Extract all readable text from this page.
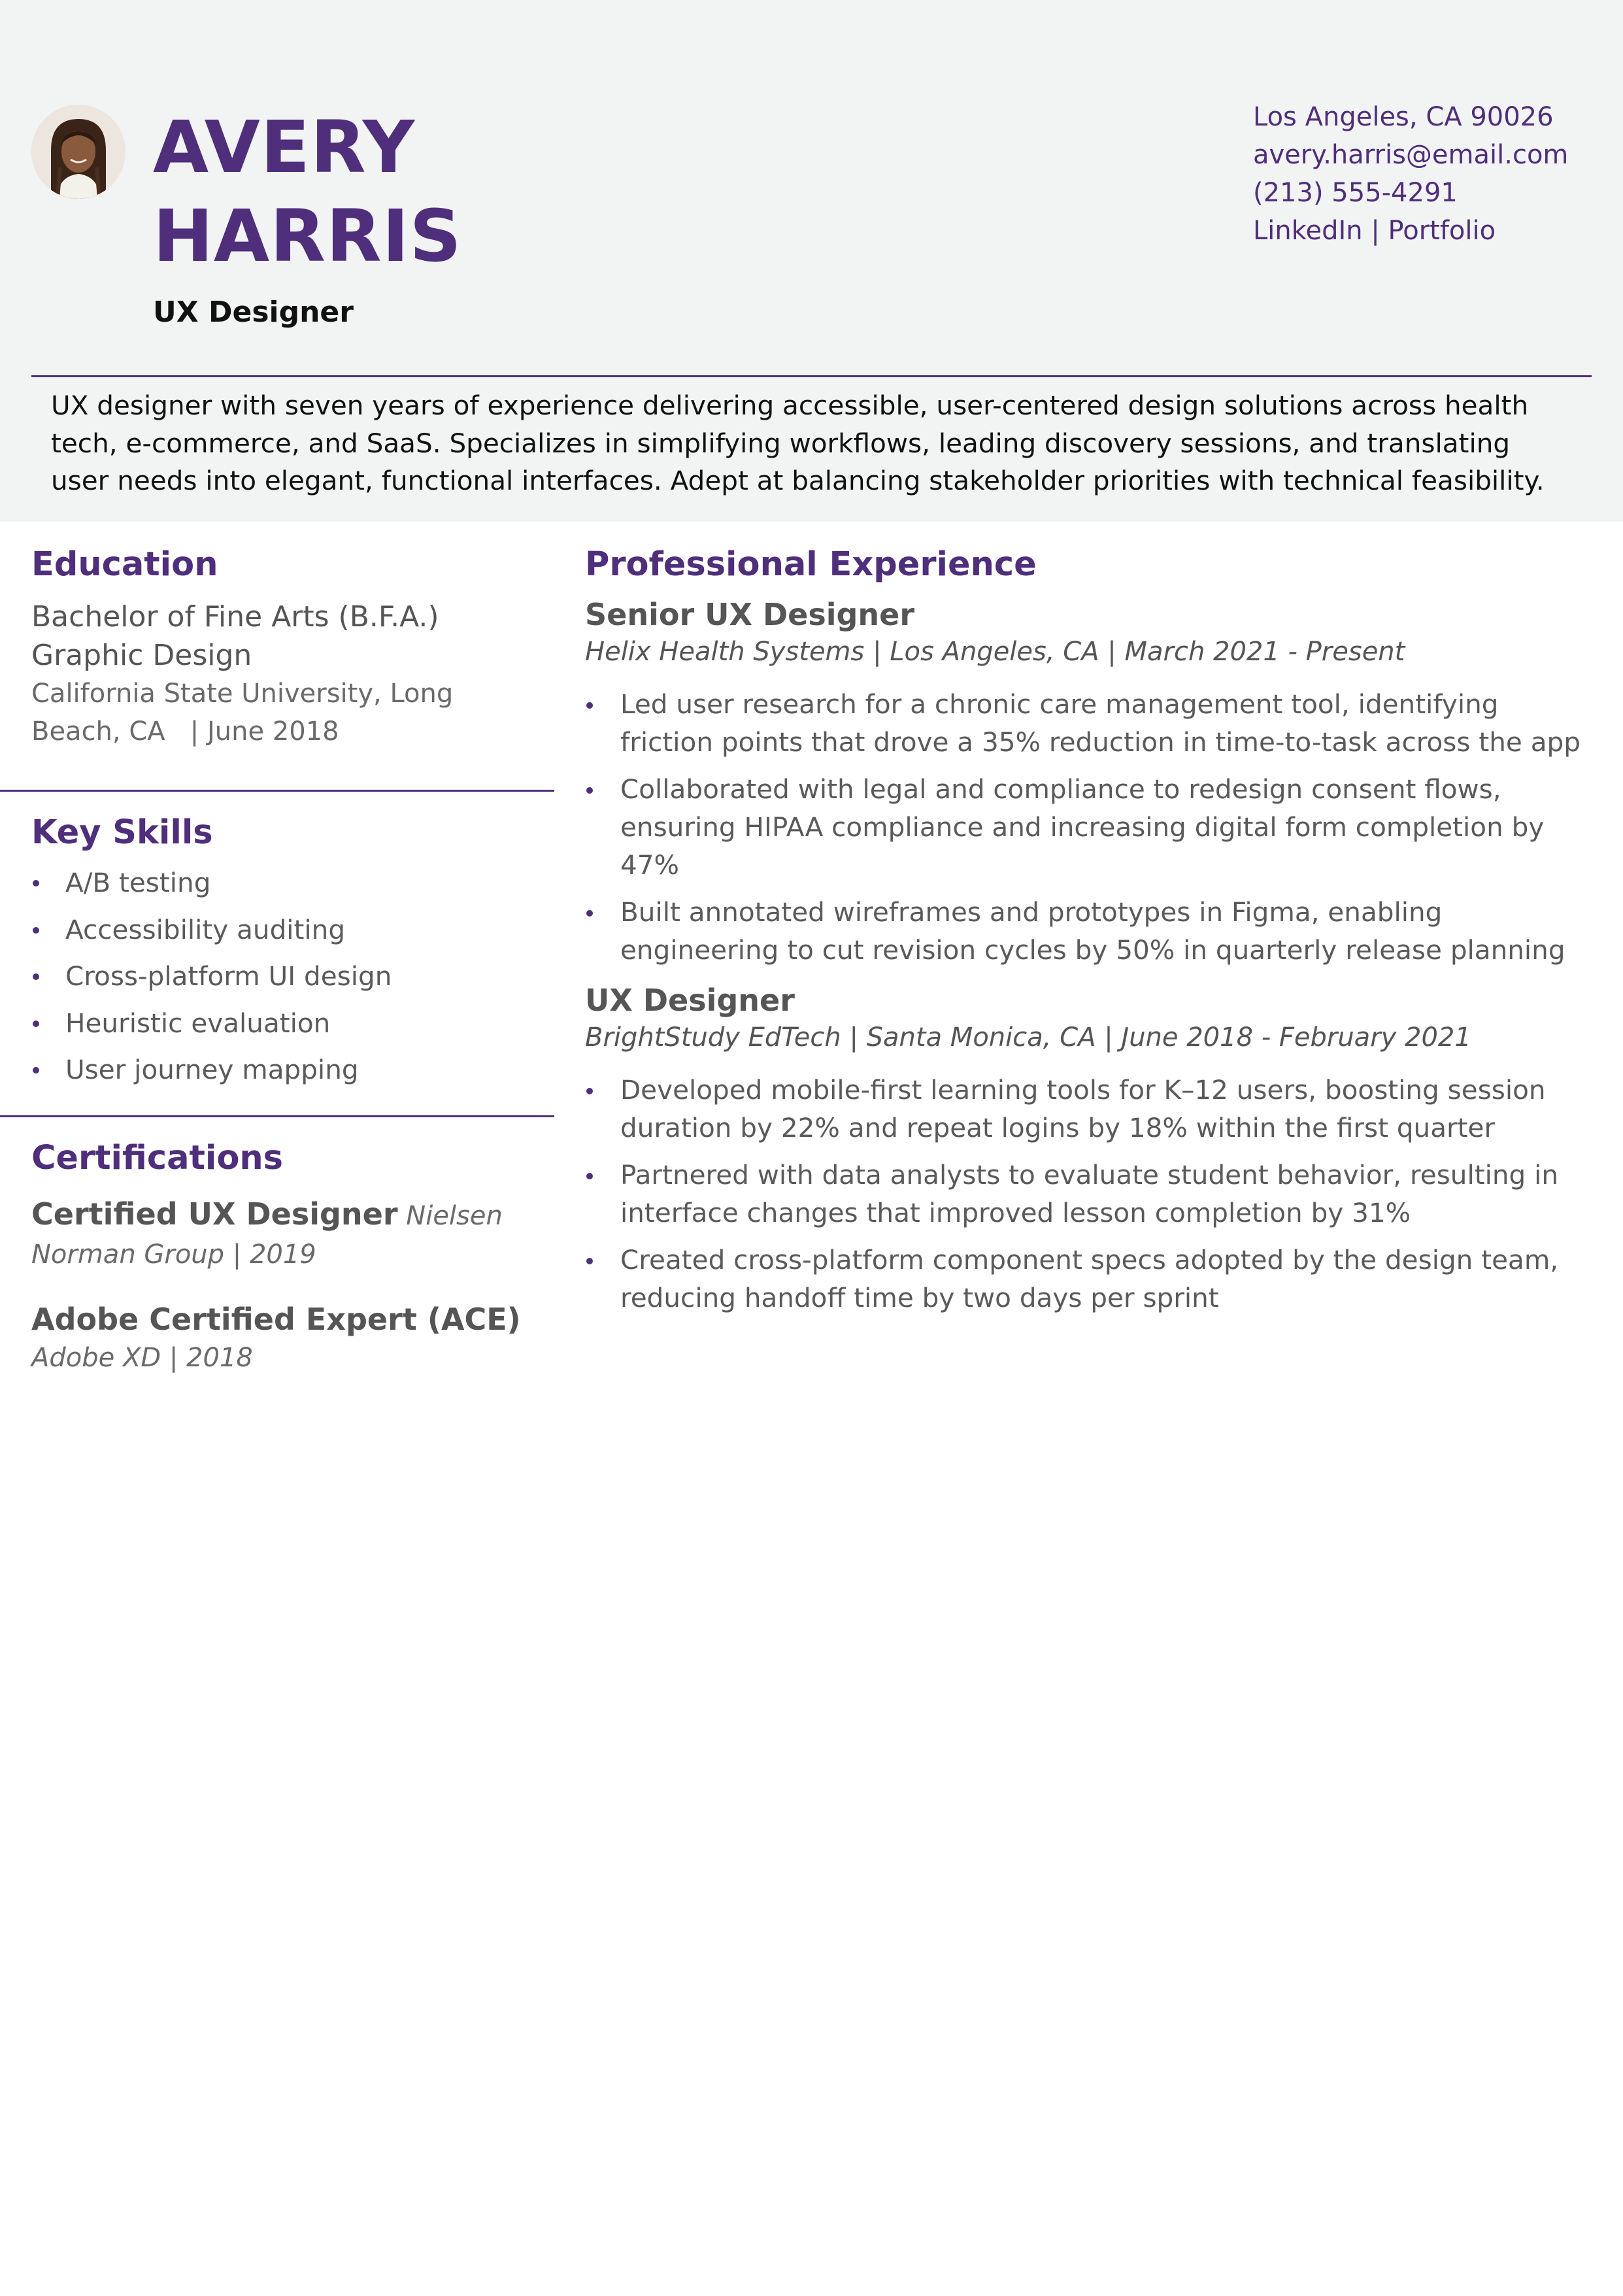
AVERY
HARRIS
UX Designer
Los Angeles, CA 90026
avery.harris@email.com
(213) 555-4291
LinkedIn | Portfolio

UX designer with seven years of experience delivering accessible, user-centered design solutions across health tech, e-commerce, and SaaS. Specializes in simplifying workflows, leading discovery sessions, and translating user needs into elegant, functional interfaces. Adept at balancing stakeholder priorities with technical feasibility.

Education
Bachelor of Fine Arts (B.F.A.)
Graphic Design
California State University, Long
Beach, CA   | June 2018
Key Skills
A/B testing
Accessibility auditing
Cross-platform UI design
Heuristic evaluation
User journey mapping
Certifications
Certified UX Designer Nielsen
Norman Group | 2019
Adobe Certified Expert (ACE)
Adobe XD | 2018
Professional Experience
Senior UX Designer
Helix Health Systems | Los Angeles, CA | March 2021 - Present
Led user research for a chronic care management tool, identifying friction points that drove a 35% reduction in time-to-task across the app
Collaborated with legal and compliance to redesign consent flows, ensuring HIPAA compliance and increasing digital form completion by 47%
Built annotated wireframes and prototypes in Figma, enabling engineering to cut revision cycles by 50% in quarterly release planning
UX Designer
BrightStudy EdTech | Santa Monica, CA | June 2018 - February 2021
Developed mobile-first learning tools for K–12 users, boosting session duration by 22% and repeat logins by 18% within the first quarter
Partnered with data analysts to evaluate student behavior, resulting in interface changes that improved lesson completion by 31%
Created cross-platform component specs adopted by the design team, reducing handoff time by two days per sprint
